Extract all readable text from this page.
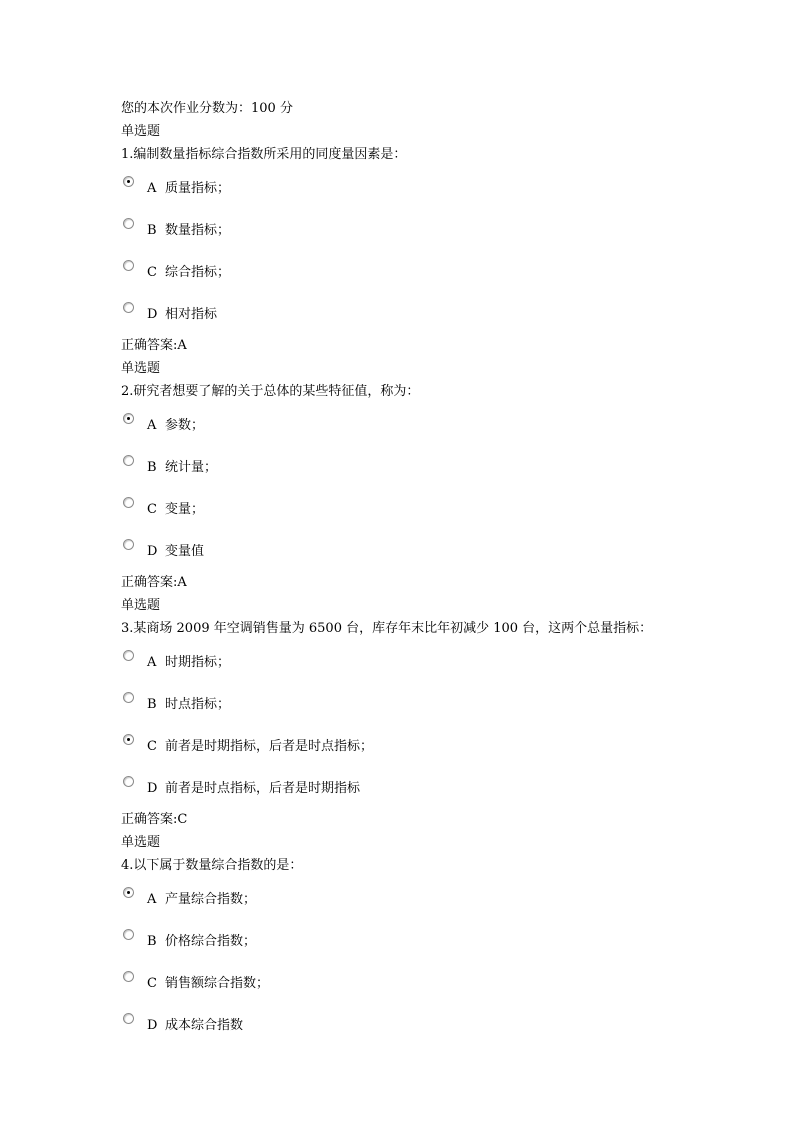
您的本次作业分数为：100 分
单选题
1.编制数量指标综合指数所采用的同度量因素是：
A 质量指标；
B 数量指标；
C 综合指标；
D 相对指标
正确答案:A
单选题
2.研究者想要了解的关于总体的某些特征值，称为：
A 参数；
B 统计量；
C 变量；
D 变量值
正确答案:A
单选题
3.某商场 2009 年空调销售量为 6500 台，库存年末比年初减少 100 台，这两个总量指标：
A 时期指标；
B 时点指标；
C 前者是时期指标，后者是时点指标；
D 前者是时点指标，后者是时期指标
正确答案:C
单选题
4.以下属于数量综合指数的是：
A 产量综合指数；
B 价格综合指数；
C 销售额综合指数；
D 成本综合指数
